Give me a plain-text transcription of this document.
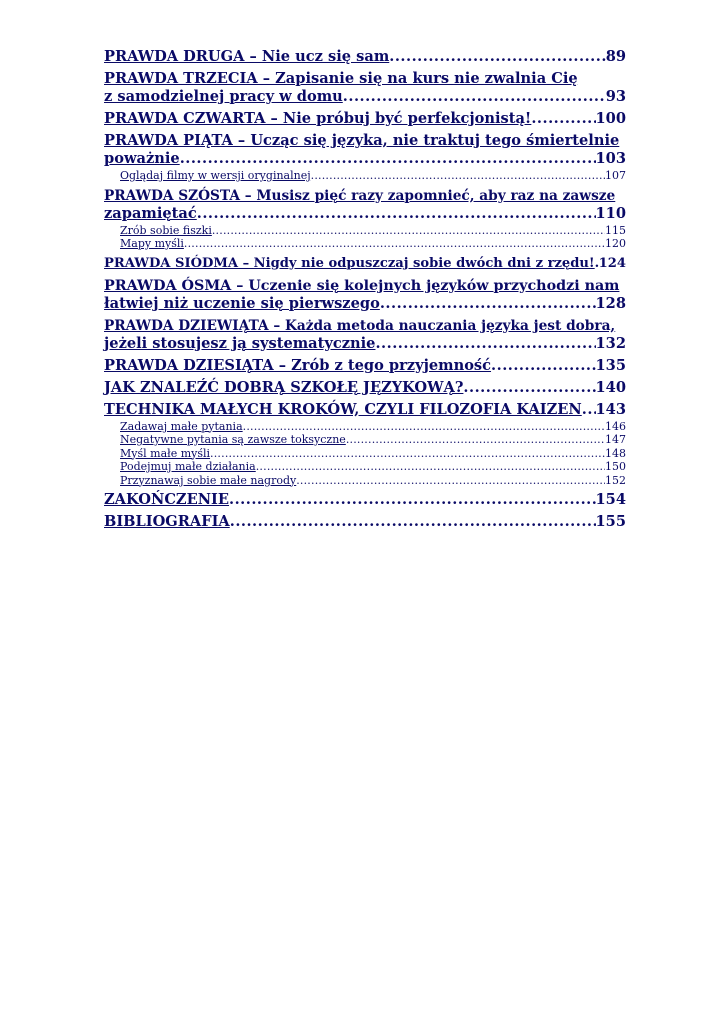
PRAWDA DRUGA – Nie ucz się sam .....	89
PRAWDA TRZECIA – Zapisanie się na kurs nie zwalnia Cię
z samodzielnej pracy w domu .....	93
PRAWDA CZWARTA – Nie próbuj być perfekcjonistą! .....	100
PRAWDA PIĄTA – Ucząc się języka, nie traktuj tego śmiertelnie
poważnie .....	103
Oglądaj filmy w wersji oryginalnej .....	107
PRAWDA SZÓSTA – Musisz pięć razy zapomnieć, aby raz na zawsze
zapamiętać .....	110
Zrób sobie fiszki .....	115
Mapy myśli .....	120
PRAWDA SIÓDMA – Nigdy nie odpuszczaj sobie dwóch dni z rzędu! ..... 124
PRAWDA ÓSMA – Uczenie się kolejnych języków przychodzi nam
łatwiej niż uczenie się pierwszego .....	128
PRAWDA DZIEWIĄTA – Każda metoda nauczania języka jest dobra,
jeżeli stosujesz ją systematycznie .....	132
PRAWDA DZIESIĄTA – Zrób z tego przyjemność .....	135
JAK ZNALEŹĆ DOBRĄ SZKOŁĘ JĘZYKOWĄ? .....	140
TECHNIKA MAŁYCH KROKÓW, CZYLI FILOZOFIA KAIZEN ..... 143
Zadawaj małe pytania .....	146
Negatywne pytania są zawsze toksyczne .....	147
Myśl małe myśli .....	148
Podejmuj małe działania .....	150
Przyznawaj sobie małe nagrody .....	152
ZAKOŃCZENIE .....	154
BIBLIOGRAFIA .....	155
